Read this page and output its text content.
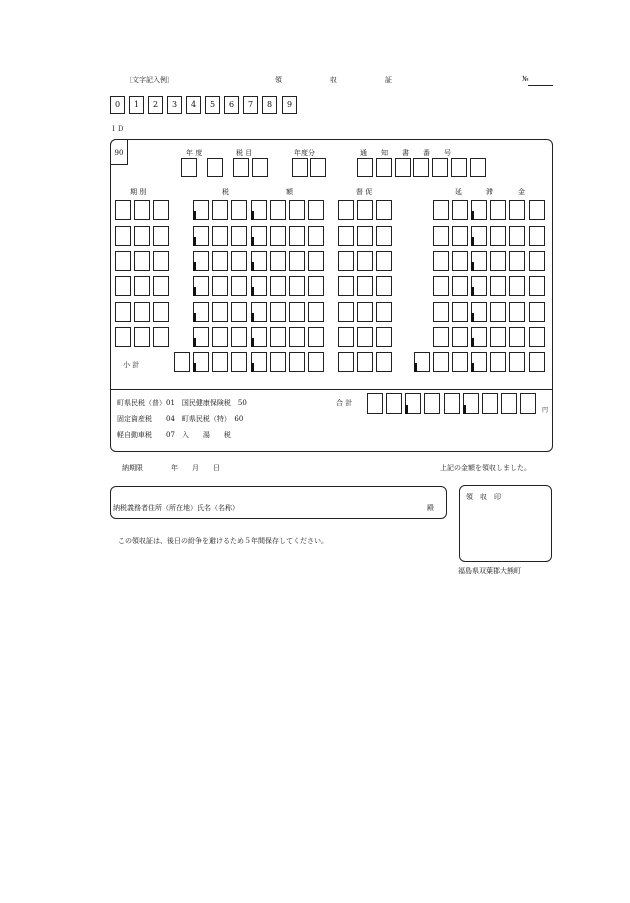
〔文字記入例〕	領	収	証	№
0	1	2	3	4	5	6	7	8	9
ＩＤ
90	年 度	税 目	年度分	通　　知　　書　　番　　号
期 別	税	額	督 促	延	滞	金
小 計
町県民税（普）01　国民健康保険税　50
固定資産税　　04　町県民税（特）　60
軽自動車税　　07　入　　湯　　税
合 計
円
納期限　　　　年　　月　　日	上記の金額を領収しました。
納税義務者住所（所在地）氏名（名称）	殿
領　収　印
この領収証は、後日の紛争を避けるため５年間保存してください。
福島県双葉郡大熊町
